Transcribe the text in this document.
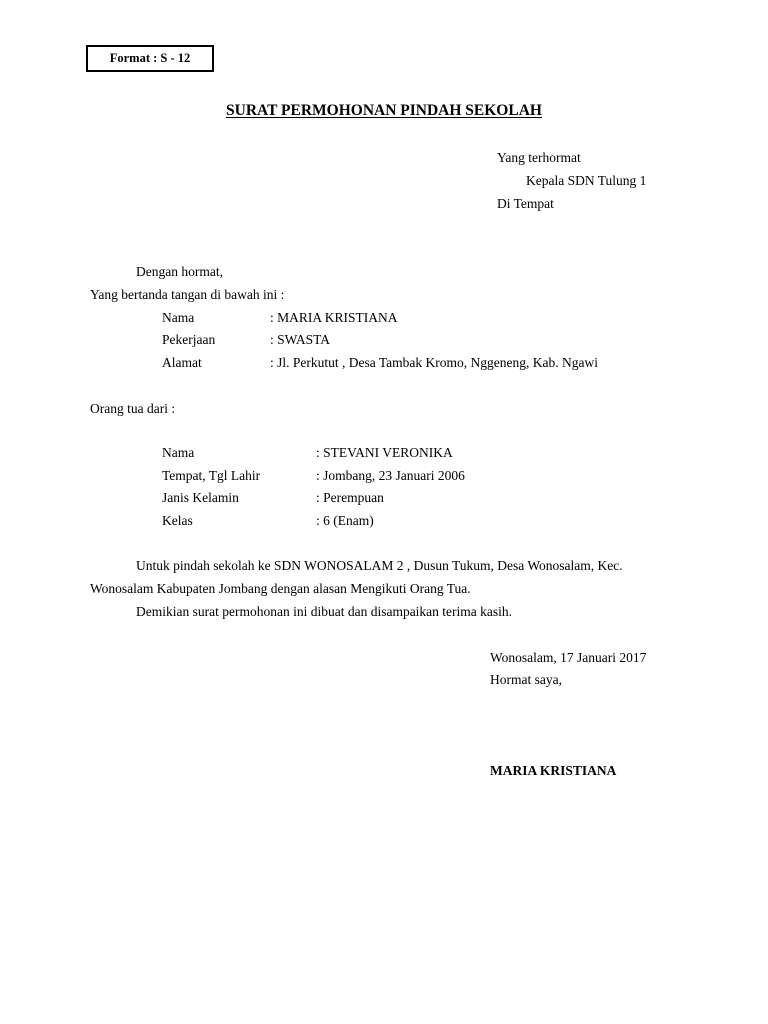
Format : S - 12
SURAT PERMOHONAN PINDAH SEKOLAH
Yang terhormat
Kepala SDN Tulung 1
Di Tempat
Dengan hormat,
Yang bertanda tangan di bawah ini :
Nama	: MARIA KRISTIANA
Pekerjaan	: SWASTA
Alamat	: Jl. Perkutut , Desa Tambak Kromo, Nggeneng, Kab. Ngawi
Orang tua dari :
Nama	: STEVANI VERONIKA
Tempat, Tgl Lahir	: Jombang, 23 Januari 2006
Janis Kelamin	: Perempuan
Kelas	: 6 (Enam)
Untuk pindah sekolah ke SDN WONOSALAM 2 , Dusun Tukum, Desa Wonosalam, Kec.
Wonosalam Kabupaten Jombang dengan alasan Mengikuti Orang Tua.
Demikian surat permohonan ini dibuat dan disampaikan terima kasih.
Wonosalam, 17 Januari 2017
Hormat saya,
MARIA KRISTIANA
